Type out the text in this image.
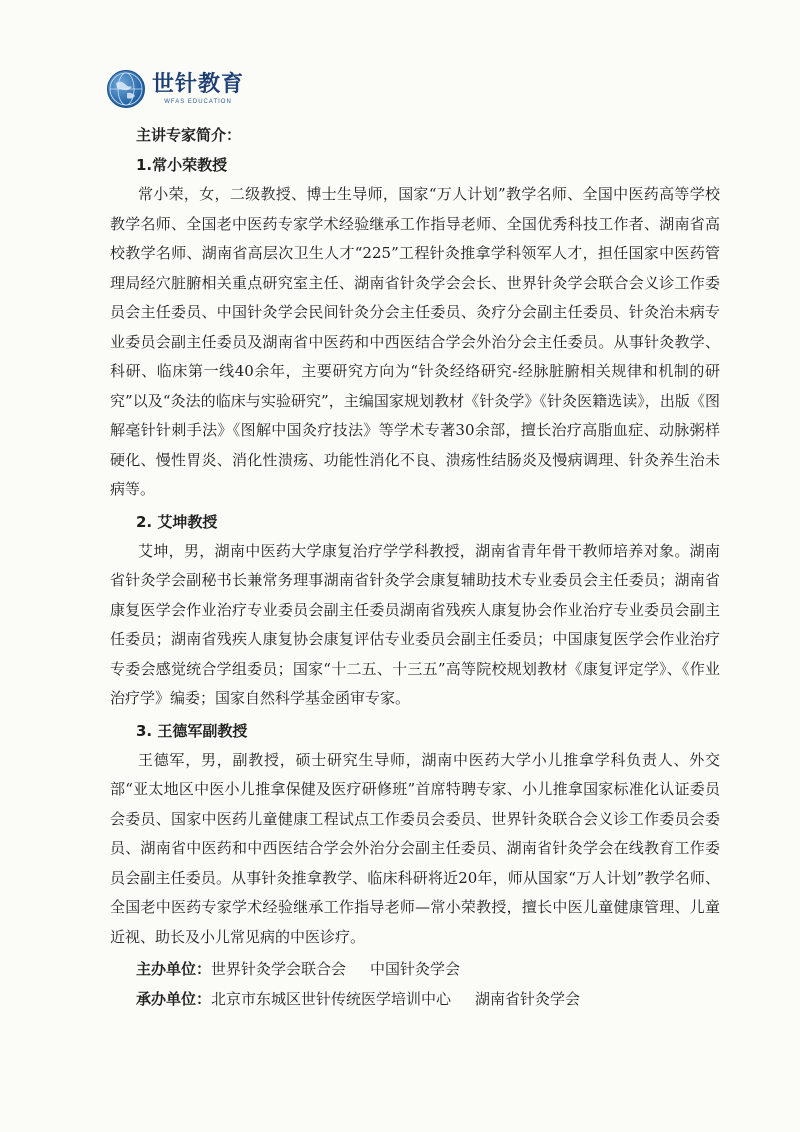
世针教育
WFAS EDUCATION
主讲专家简介：
1.常小荣教授

常小荣，女，二级教授、博士生导师，国家“万人计划”教学名师、全国中医药高等学校教学名师、全国老中医药专家学术经验继承工作指导老师、全国优秀科技工作者、湖南省高校教学名师、湖南省高层次卫生人才“225”工程针灸推拿学科领军人才，担任国家中医药管理局经穴脏腑相关重点研究室主任、湖南省针灸学会会长、世界针灸学会联合会义诊工作委员会主任委员、中国针灸学会民间针灸分会主任委员、灸疗分会副主任委员、针灸治未病专业委员会副主任委员及湖南省中医药和中西医结合学会外治分会主任委员。从事针灸教学、科研、临床第一线40余年，主要研究方向为“针灸经络研究-经脉脏腑相关规律和机制的研究”以及“灸法的临床与实验研究”，主编国家规划教材《针灸学》《针灸医籍选读》，出版《图解毫针针刺手法》《图解中国灸疗技法》等学术专著30余部，擅长治疗高脂血症、动脉粥样硬化、慢性胃炎、消化性溃疡、功能性消化不良、溃疡性结肠炎及慢病调理、针灸养生治未病等。

2. 艾坤教授

艾坤，男，湖南中医药大学康复治疗学学科教授，湖南省青年骨干教师培养对象。湖南省针灸学会副秘书长兼常务理事湖南省针灸学会康复辅助技术专业委员会主任委员；湖南省康复医学会作业治疗专业委员会副主任委员湖南省残疾人康复协会作业治疗专业委员会副主任委员；湖南省残疾人康复协会康复评估专业委员会副主任委员；中国康复医学会作业治疗专委会感觉统合学组委员；国家“十二五、十三五”高等院校规划教材《康复评定学》、《作业治疗学》编委；国家自然科学基金函审专家。

3. 王德军副教授

王德军，男，副教授，硕士研究生导师，湖南中医药大学小儿推拿学科负责人、外交部“亚太地区中医小儿推拿保健及医疗研修班”首席特聘专家、小儿推拿国家标准化认证委员会委员、国家中医药儿童健康工程试点工作委员会委员、世界针灸联合会义诊工作委员会委员、湖南省中医药和中西医结合学会外治分会副主任委员、湖南省针灸学会在线教育工作委员会副主任委员。从事针灸推拿教学、临床科研将近20年，师从国家“万人计划”教学名师、全国老中医药专家学术经验继承工作指导老师—常小荣教授，擅长中医儿童健康管理、儿童近视、助长及小儿常见病的中医诊疗。

主办单位：世界针灸学会联合会 中国针灸学会
承办单位：北京市东城区世针传统医学培训中心 湖南省针灸学会
